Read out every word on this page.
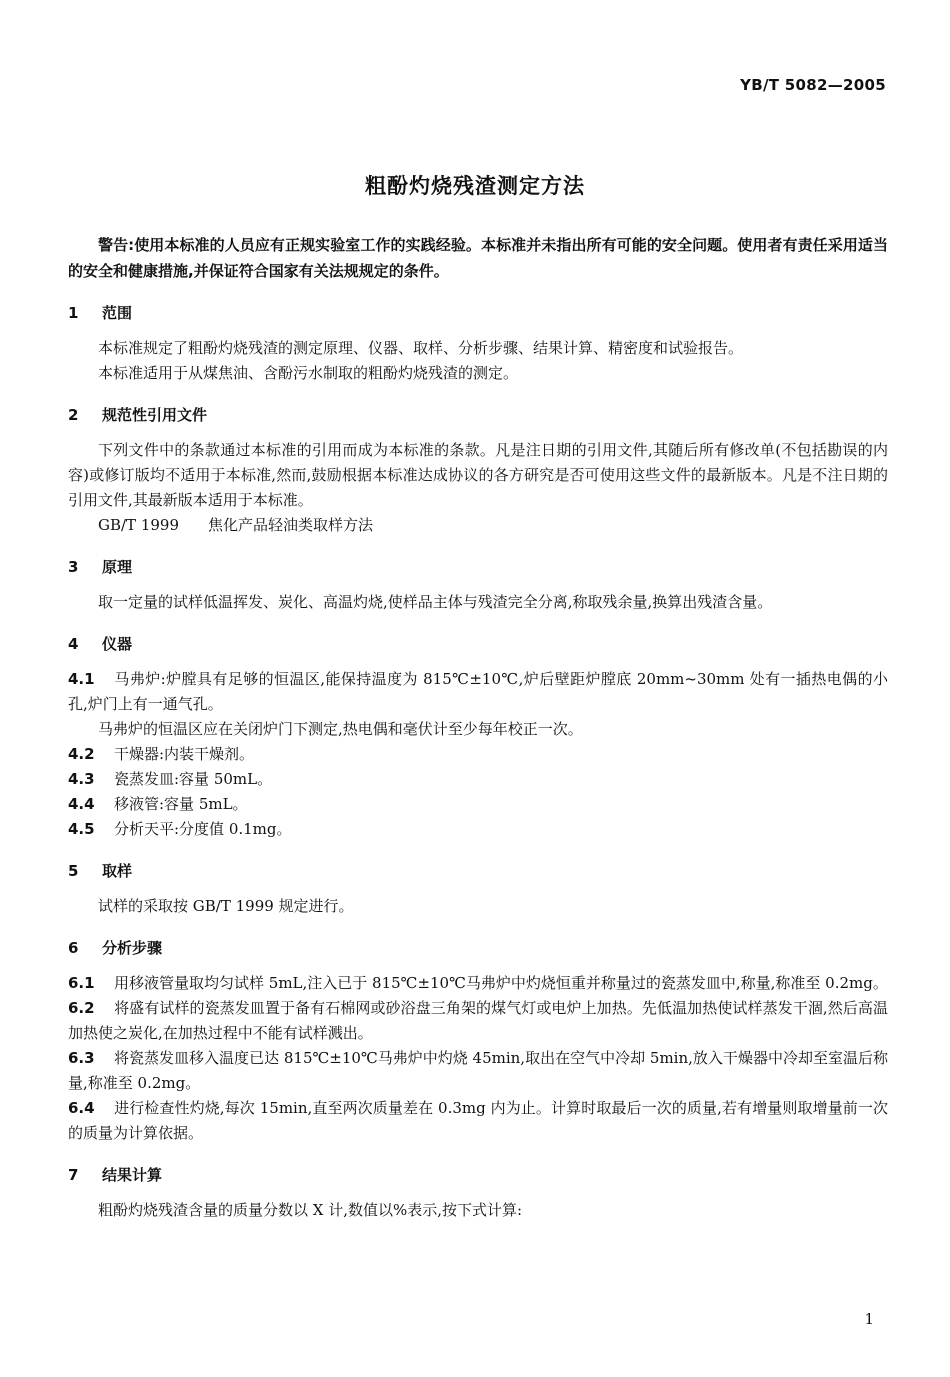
YB/T 5082—2005
粗酚灼烧残渣测定方法

警告:使用本标准的人员应有正规实验室工作的实践经验。本标准并未指出所有可能的安全问题。使用者有责任采用适当的安全和健康措施,并保证符合国家有关法规规定的条件。

1 范围

本标准规定了粗酚灼烧残渣的测定原理、仪器、取样、分析步骤、结果计算、精密度和试验报告。

本标准适用于从煤焦油、含酚污水制取的粗酚灼烧残渣的测定。

2 规范性引用文件

下列文件中的条款通过本标准的引用而成为本标准的条款。凡是注日期的引用文件,其随后所有修改单(不包括勘误的内容)或修订版均不适用于本标准,然而,鼓励根据本标准达成协议的各方研究是否可使用这些文件的最新版本。凡是不注日期的引用文件,其最新版本适用于本标准。

GB/T 1999 焦化产品轻油类取样方法

3 原理

取一定量的试样低温挥发、炭化、高温灼烧,使样品主体与残渣完全分离,称取残余量,换算出残渣含量。

4 仪器

4.1 马弗炉:炉膛具有足够的恒温区,能保持温度为 815℃±10℃,炉后壁距炉膛底 20mm~30mm 处有一插热电偶的小孔,炉门上有一通气孔。

马弗炉的恒温区应在关闭炉门下测定,热电偶和毫伏计至少每年校正一次。

4.2 干燥器:内装干燥剂。

4.3 瓷蒸发皿:容量 50mL。

4.4 移液管:容量 5mL。

4.5 分析天平:分度值 0.1mg。

5 取样

试样的采取按 GB/T 1999 规定进行。

6 分析步骤

6.1 用移液管量取均匀试样 5mL,注入已于 815℃±10℃马弗炉中灼烧恒重并称量过的瓷蒸发皿中,称量,称准至 0.2mg。

6.2 将盛有试样的瓷蒸发皿置于备有石棉网或砂浴盘三角架的煤气灯或电炉上加热。先低温加热使试样蒸发干涸,然后高温加热使之炭化,在加热过程中不能有试样溅出。

6.3 将瓷蒸发皿移入温度已达 815℃±10℃马弗炉中灼烧 45min,取出在空气中冷却 5min,放入干燥器中冷却至室温后称量,称准至 0.2mg。

6.4 进行检查性灼烧,每次 15min,直至两次质量差在 0.3mg 内为止。计算时取最后一次的质量,若有增量则取增量前一次的质量为计算依据。

7 结果计算

粗酚灼烧残渣含量的质量分数以 X 计,数值以%表示,按下式计算:

1
